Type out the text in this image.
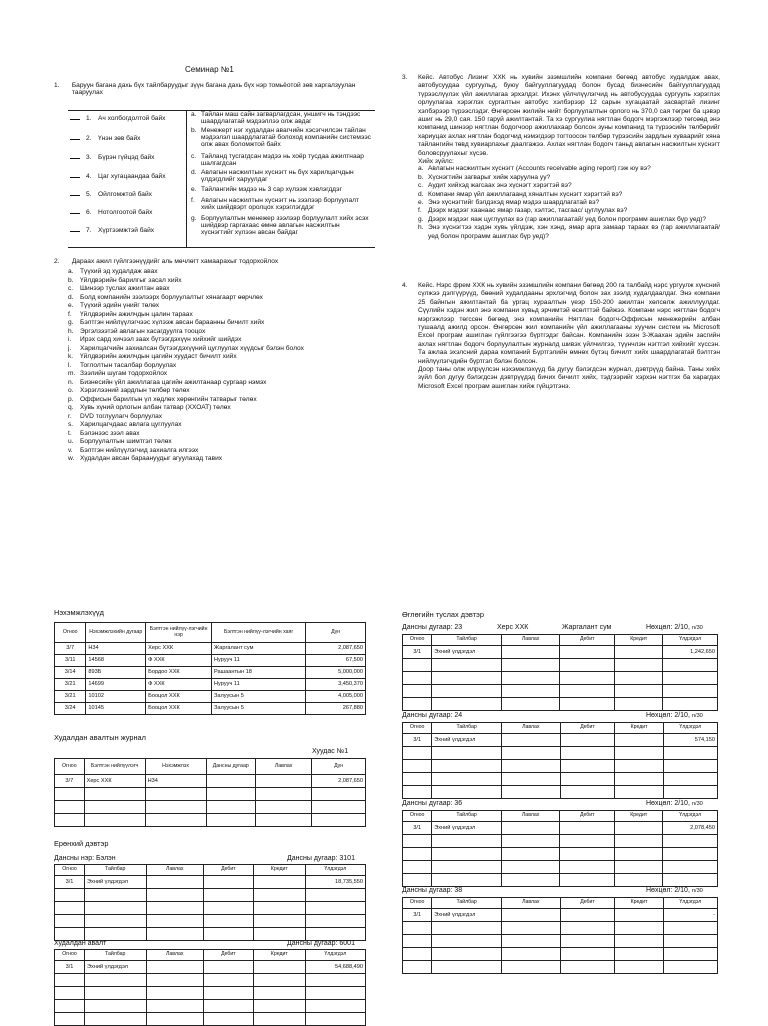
Семинар №1
1. Баруун багана дахь бүх тайлбаруудыг зүүн багана дахь бүх нэр томьёотой зөв харгалзуулан тааруулах
1. Ач холбогдолтой байх
2. Үнэн зөв байх
3. Бүрэн гүйцэд байх
4. Цаг хугацаандаа байх
5. Ойлгомжтой байх
6. Нотолгоотой байх
7. Хүртээмжтэй байх
a. Тайлан маш сайн загварлагдсан, уншигч нь тэндээс шаардлагатай мэдээллээ олж авдаг
b. Менежерт нэг худалдан авагчийн хэсэгчилсэн тайлан мэдээлэл шаардлагатай болоход компанийн системээс олж авах боломжтой байх
c. Тайланд тусгагдсан мэдээ нь хоёр тусдаа ажилтнаар шалгагдсан
d. Авлагын насжилтын хүснэгт нь бүх харилцагчдын үлдэгдлийг харуулдаг
e. Тайлангийн мэдээ нь 3 сар хүлээж хэвлэгддэг
f. Авлагын насжилтын хүснэгт нь зээлээр борлуулалт хийх шийдвэрт оролцох хэрэглэгддэг
g. Борлуулалтын менежер зээлээр борлуулалт хийх эсэх шийдвэр гаргахаас өмнө авлагын насжилтын хүснэгтийг хүлээн авсан байдаг
2. Дараах ажил гүйлгээнүүдийг аль мөчлөгт хамаарахыг тодорхойлох
a. Түүхий эд худалдаж авах
b. Үйлдвэрийн барилгыг засал хийх
c. Шинээр туслах ажилтан авах
d. Болд компанийн зээлээрх борлуулалтыг хянагаарт өөрчлөх
e. Түүхий эдийн үнийг төлөх
f. Үйлдвэрийн ажилчдын цалин тараах
g. Бэлтгэн нийлүүлэгчээс хүлээж авсан бараанны бичилт хийх
h. Эргэлзээтэй авлагын хасагдуулга тооцох
i. Ирэх сард хичээл заах бүтээгдэхүүн хийхийг шийдэх
j. Харилцагчийн захиалсан бүтээгдэхүүний цуглуулах хүүдсыг бэлэн болох
k. Үйлдвэрийн ажилчдын цагийн хуудаст бичилт хийх
l. Тоглолтын тасалбар борлуулах
m. Зээлийн шугам тодорхойлох
n. Бизнесийн үйл ажиллагаа цагийн ажилтанаар сургаар нэмэх
o. Хэрэглээний зардлын төлбөр төлөх
p. Оффисын барилгын үл хөдлөх хөрөнгийн татварыг төлөх
q. Хувь хүний орлогын албан татвар (ХХОАТ) төлөх
r. DVD тоглуулагч борлуулах
s. Харилцагчдаас авлага цуглуулах
t. Бэлэнээс зээл авах
u. Борлуулалтын шимтгэл төлөх
v. Бэлтгэн нийлүүлэгчид захиалга илгээх
w. Худалдан авсан бараануудыг агуулахад тавих
3.	Кейс. Автобус Лизинг ХХК нь хувийн эзэмшлийн компани бөгөөд автобус худалдаж авах, автобусуудаа сургуульд, буюу байгууллагуудад болон бусад бизнесийн байгууллагуудад түрээслүүлэх үйл ажиллагаа эрхэлдэг. Ихэнх үйлчлүүлэгчид нь автобусуудаа сургууль хэрэглэх орлуулагаа хэрэглэх сургалтын автобус хэлбэрээр 12 сарын хугацаатай засвартай лизинг хэлбэрээр түрээслэдэг. Өнгөрсөн жилийн нийт борлуулалтын орлого нь 370,0 сая төгрөг ба цэвэр ашиг нь 29,0 сая. 150 гаруй ажилтантай. Та хэ сургуулиа нягтлан бодогч мэргэжлээр төгсөөд энэ компанид шинээр нягтлан бодогчоор ажиллахаар болсон зуны компанид та түрээсийн төлбөрийг хариуцах ахлах нягтлан бодогчид нэмэгдээр тогтоосон төлбөр түрээсийн зардлын хуваарийг хяна тайлангийн төвд хувиарлахыг даалгажээ. Ахлах нягтлан бодогч таньд авлагын насжилтын хүснэгт боловсруулахыг хүсэв.
Хийх зүйлс:
a. Авлагын насжилтын хүснэгт (Accounts receivable aging report) гэж юу вэ?
b. Хүснэгтийн загварыг хийж харуулна уу?
c. Аудит хийхэд жагсаах энэ хүснэгт хэрэгтэй вэ?
d. Компани ямар үйл ажиллагаанд хяналтын хүснэгт хэрэгтэй вэ?
e. Энэ хүснэгтийг бэлдэхэд ямар мэдээ шаардлагатай вэ?
f. Дээрх мэдээг хаанаас ямар газар, хэлтэс, тасгаас/ цуглуулах вэ?
g. Дээрх мэдээг яаж цуглуулах вэ (гар ажиллагаатай/ уед болон программ ашиглах бүр уед)?
h. Энэ хүснэгтээ хэдэн хувь үйлдэж, хэн хэнд, ямар арга замаар тараах вэ (гар ажиллагаатай/ уед болон программ ашиглах бүр уед)?
4.	Кейс. Нэрс фрем ХХК нь хувийн эзэмшлийн компани бөгөөд 200 га талбайд нэрс ургуулж хүнсний сүлжээ дэлгүүрүүд, бөөний худалдааны эрхлэгчид болон зах зээлд худалдаалдаг. Энэ компани 25 байнгын ажилтантай ба ургац хураалтын үеэр 150-200 ажилтан хөлсөлж ажиллуулдаг. Сүүлийн хэдэн жил энэ компани хувьд эрчимтэй өсөлттэй байжээ. Компани нэрс нягтлан бодогч мэргэжлээр төгссөн бөгөөд энэ компанийн Нягтлан бодогч-Оффисын менежерийн албан тушаалд ажилд орсон. Өнгөрсөн жил компанийн үйл ажиллагааны хуучин систем нь Microsoft Excel програм ашиглан гүйлгээгээ бүртгэдэг байсан. Компанийн эзэн 3-Жаахан эдийн засгийн ахлах нягтлан бодогч борлуулалтын журналд шивэх үйлчилгээ, түүнчлэн нэгтгэл хийхийг хүссэн. Та ажлаа эхэлсний дараа компаний Бүртгэлийн өмнөх бүтэц бичилт хийх шаардлагатай бэлтгэн нийлүүлэгчдийн бүртгэл бэлэн болсон.
Доор таны олж илрүүлсэн нэхэмжлэхүүд ба дугуу бэлэгдсэн журнал, дэвтрүүд байна. Таны хийх зүйл бол дугуу бэлэгдсэн дэвтрүүдэд бичих бичилт хийх, тэдгээрийг хэрхэн нэгтгэх ба харагдах Microsoft Excel програм ашиглан хийж гүйцэтгэнэ.
Нэхэмжлэхүүд
Огноо	Нэхэмжлэхийн дугаар	Бэлтгэн нийлүү-лэгчийн нэр	Бэлтгэн нийлүү-лэгчийн хаяг	Дүн
3/7	Н34	Херс ХХК	Жаргалант сум	2,087,650
3/11	14568	Ф ХХК	Нурууч 11	67,500
3/14	893Б	Бордоо ХХК	Рашаантын 18	5,000,000
3/21	14699	Ф ХХК	Нурууч 11	3,450,370
3/21	10102	Бооцол ХХК	Залуусын 5	4,005,000
3/24	10145	Бооцол ХХК	Залуусын 5	267,880
Худалдан авалтын журнал
Хуудас №1
Огноо	Бэлтгэн нийлүүлэгч	Нэхэмжлэх	Дансны дугаар	Лавлах	Дүн
3/7	Херс ХХК	Н34			2,087,650

Ерөнхий дэвтэр
Дансны нэр: Бэлэн	Дансны дугаар: 3101
Огноо	Тайлбар	Лавлах	Дебит	Кредит	Үлдэгдэл
3/1	Эхний үлдэгдэл				18,735,550

Худалдан авалт	Дансны дугаар: 6001
Огноо	Тайлбар	Лавлах	Дебит	Кредит	Үлдэгдэл
3/1	Эхний үлдэгдэл				54,688,490

Өглөгийн туслах дэвтэр
Дансны дугаар: 23	Херс ХХК	Жаргалант сум	Нөхцөл: 2/10, n/30
Огноо	Тайлбар	Лавлах	Дебит	Кредит	Үлдэгдэл
3/1	Эхний үлдэгдэл				1,242,650

Дансны дугаар: 24	Нөхцөл: 2/10, n/30
Огноо	Тайлбар	Лавлах	Дебит	Кредит	Үлдэгдэл
3/1	Эхний үлдэгдэл				574,150

Дансны дугаар: 36	Нөхцөл: 2/10, n/30
Огноо	Тайлбар	Лавлах	Дебит	Кредит	Үлдэгдэл
3/1	Эхний үлдэгдэл				2,078,450

Дансны дугаар: 38	Нөхцөл: 2/10, n/30
Огноо	Тайлбар	Лавлах	Дебит	Кредит	Үлдэгдэл
3/1	Эхний үлдэгдэл				-
